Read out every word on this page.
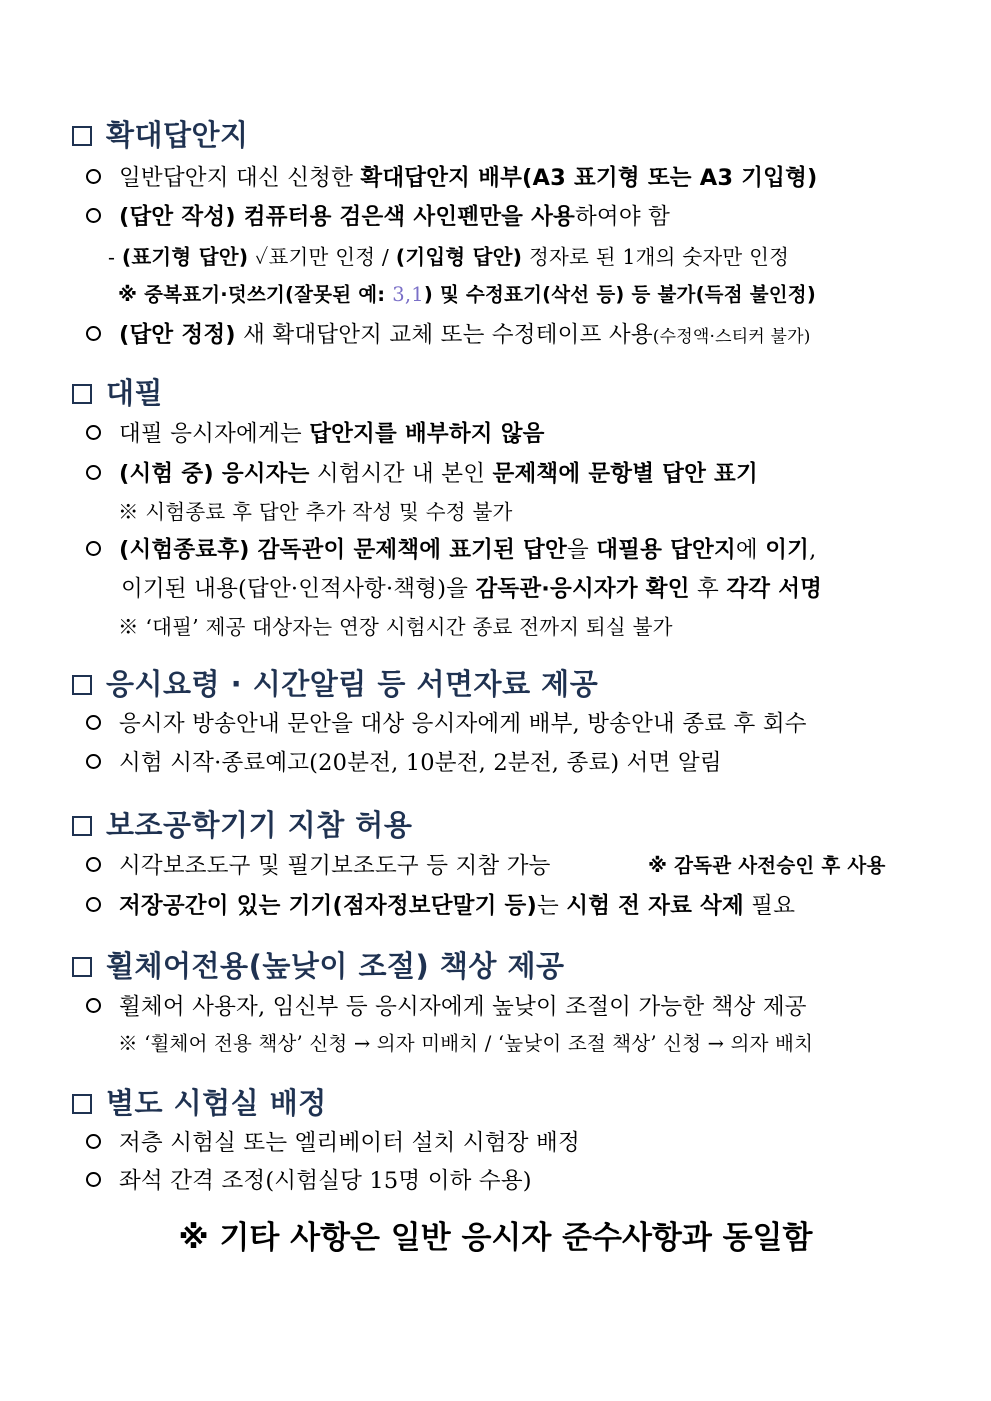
확대답안지
일반답안지 대신 신청한 확대답안지 배부(A3 표기형 또는 A3 기입형)
(답안 작성) 컴퓨터용 검은색 사인펜만을 사용하여야 함
- (표기형 답안) ✓표기만 인정 / (기입형 답안) 정자로 된 1개의 숫자만 인정
※ 중복표기·덧쓰기(잘못된 예: 3,1) 및 수정표기(삭선 등) 등 불가(득점 불인정)
(답안 정정) 새 확대답안지 교체 또는 수정테이프 사용(수정액·스티커 불가)
대필
대필 응시자에게는 답안지를 배부하지 않음
(시험 중) 응시자는 시험시간 내 본인 문제책에 문항별 답안 표기
※ 시험종료 후 답안 추가 작성 및 수정 불가
(시험종료후) 감독관이 문제책에 표기된 답안을 대필용 답안지에 이기,
이기된 내용(답안·인적사항·책형)을 감독관·응시자가 확인 후 각각 서명
※ ‘대필’ 제공 대상자는 연장 시험시간 종료 전까지 퇴실 불가
응시요령 · 시간알림 등 서면자료 제공
응시자 방송안내 문안을 대상 응시자에게 배부, 방송안내 종료 후 회수
시험 시작·종료예고(20분전, 10분전, 2분전, 종료) 서면 알림
보조공학기기 지참 허용
시각보조도구 및 필기보조도구 등 지참 가능	※ 감독관 사전승인 후 사용
저장공간이 있는 기기(점자정보단말기 등)는 시험 전 자료 삭제 필요
휠체어전용(높낮이 조절) 책상 제공
휠체어 사용자, 임신부 등 응시자에게 높낮이 조절이 가능한 책상 제공
※ ‘휠체어 전용 책상’ 신청 → 의자 미배치 / ‘높낮이 조절 책상’ 신청 → 의자 배치
별도 시험실 배정
저층 시험실 또는 엘리베이터 설치 시험장 배정
좌석 간격 조정(시험실당 15명 이하 수용)
※ 기타 사항은 일반 응시자 준수사항과 동일함
